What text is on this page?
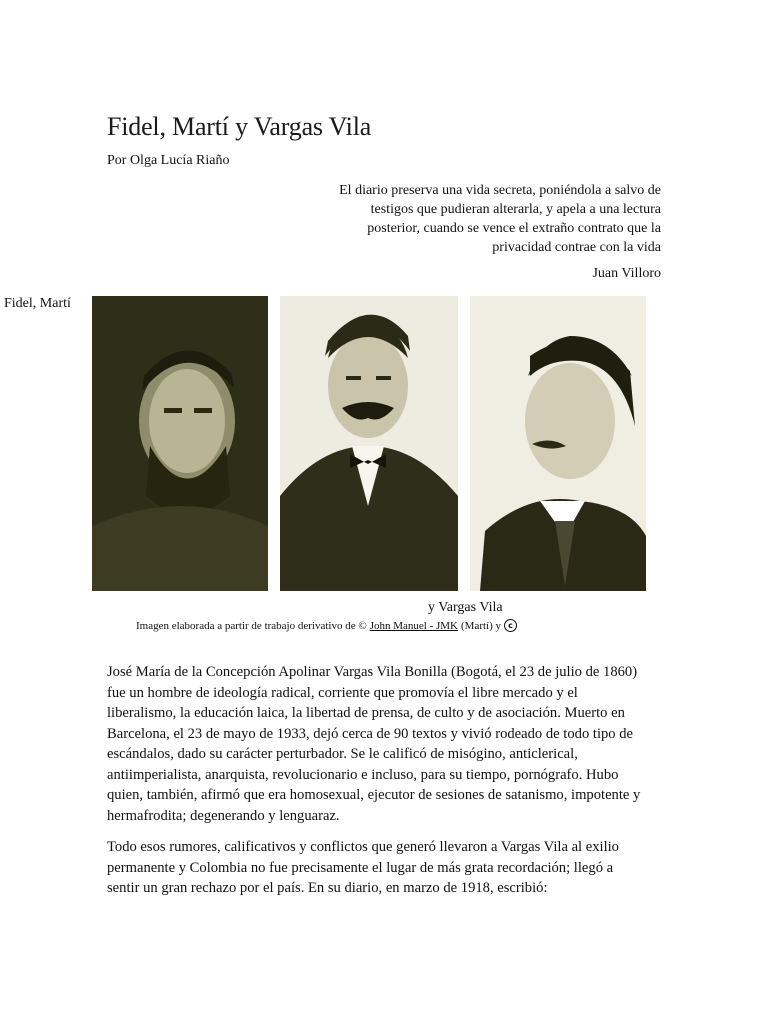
Fidel, Martí y Vargas Vila
Por Olga Lucía Riaño
El diario preserva una vida secreta, poniéndola a salvo de
testigos que pudieran alterarla, y apela a una lectura
posterior, cuando se vence el extraño contrato que la
privacidad contrae con la vida
Juan Villoro
Fidel, Martí
y Vargas Vila
Imagen elaborada a partir de trabajo derivativo de © John Manuel - JMK (Martí) y c
José María de la Concepción Apolinar Vargas Vila Bonilla (Bogotá, el 23 de julio de 1860)
fue un hombre de ideología radical, corriente que promovía el libre mercado y el
liberalismo, la educación laica, la libertad de prensa, de culto y de asociación. Muerto en
Barcelona, el 23 de mayo de 1933, dejó cerca de 90 textos y vivió rodeado de todo tipo de
escándalos, dado su carácter perturbador. Se le calificó de misógino, anticlerical,
antiimperialista, anarquista, revolucionario e incluso, para su tiempo, pornógrafo. Hubo
quien, también, afirmó que era homosexual, ejecutor de sesiones de satanismo, impotente y
hermafrodita; degenerando y lenguaraz.
Todo esos rumores, calificativos y conflictos que generó llevaron a Vargas Vila al exilio
permanente y Colombia no fue precisamente el lugar de más grata recordación; llegó a
sentir un gran rechazo por el país. En su diario, en marzo de 1918, escribió:
